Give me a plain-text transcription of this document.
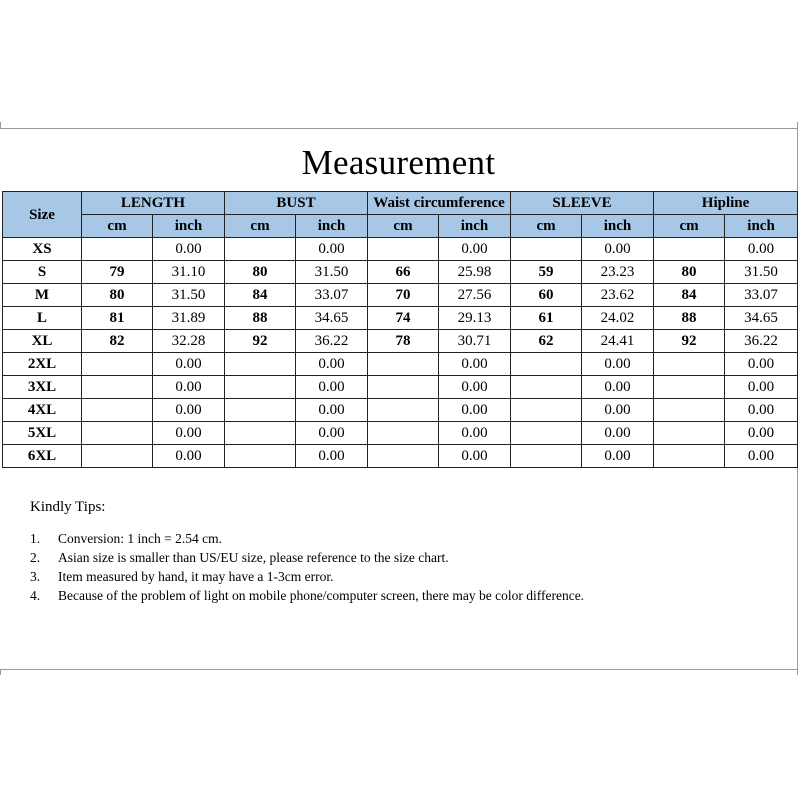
Measurement
Size	LENGTH		BUST		Waist circumference		SLEEVE		Hipline	
	cm	inch	cm	inch	cm	inch	cm	inch	cm	inch
XS		0.00		0.00		0.00		0.00		0.00
S	79	31.10	80	31.50	66	25.98	59	23.23	80	31.50
M	80	31.50	84	33.07	70	27.56	60	23.62	84	33.07
L	81	31.89	88	34.65	74	29.13	61	24.02	88	34.65
XL	82	32.28	92	36.22	78	30.71	62	24.41	92	36.22
2XL		0.00		0.00		0.00		0.00		0.00
3XL		0.00		0.00		0.00		0.00		0.00
4XL		0.00		0.00		0.00		0.00		0.00
5XL		0.00		0.00		0.00		0.00		0.00
6XL		0.00		0.00		0.00		0.00		0.00
Kindly Tips:
1.	Conversion: 1 inch = 2.54 cm.
2.	Asian size is smaller than US/EU size, please reference to the size chart.
3.	Item measured by hand, it may have a 1-3cm error.
4.	Because of the problem of light on mobile phone/computer screen, there may be color difference.
